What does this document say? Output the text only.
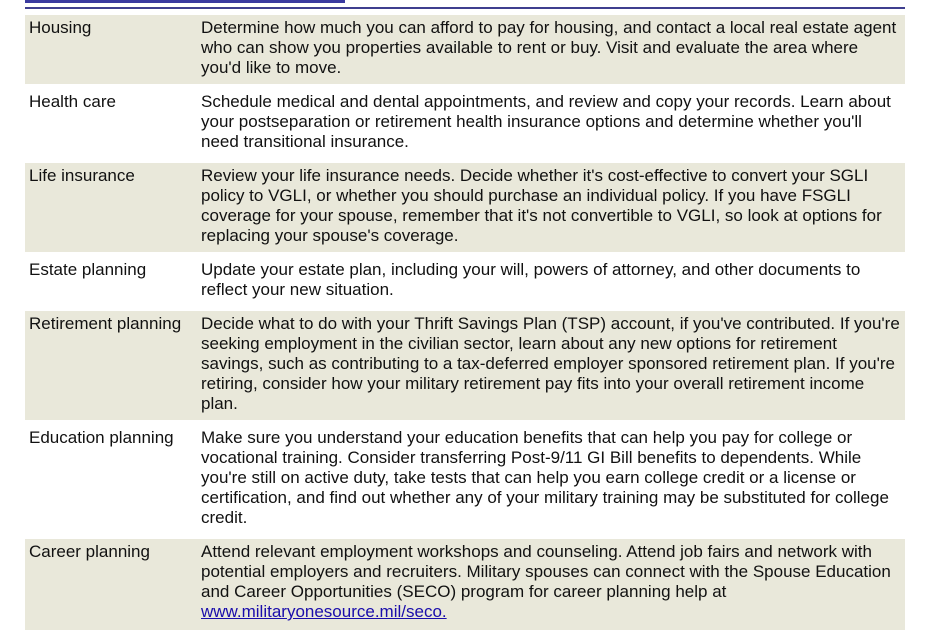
Housing	Determine how much you can afford to pay for housing, and contact a local real estate agent who can show you properties available to rent or buy. Visit and evaluate the area where you'd like to move.
Health care	Schedule medical and dental appointments, and review and copy your records. Learn about your postseparation or retirement health insurance options and determine whether you'll need transitional insurance.
Life insurance	Review your life insurance needs. Decide whether it's cost-effective to convert your SGLI policy to VGLI, or whether you should purchase an individual policy. If you have FSGLI coverage for your spouse, remember that it's not convertible to VGLI, so look at options for replacing your spouse's coverage.
Estate planning	Update your estate plan, including your will, powers of attorney, and other documents to reflect your new situation.
Retirement planning	Decide what to do with your Thrift Savings Plan (TSP) account, if you've contributed. If you're seeking employment in the civilian sector, learn about any new options for retirement savings, such as contributing to a tax-deferred employer sponsored retirement plan. If you're retiring, consider how your military retirement pay fits into your overall retirement income plan.
Education planning	Make sure you understand your education benefits that can help you pay for college or vocational training. Consider transferring Post-9/11 GI Bill benefits to dependents. While you're still on active duty, take tests that can help you earn college credit or a license or certification, and find out whether any of your military training may be substituted for college credit.
Career planning	Attend relevant employment workshops and counseling. Attend job fairs and network with potential employers and recruiters. Military spouses can connect with the Spouse Education and Career Opportunities (SECO) program for career planning help at
www.militaryonesource.mil/seco.
